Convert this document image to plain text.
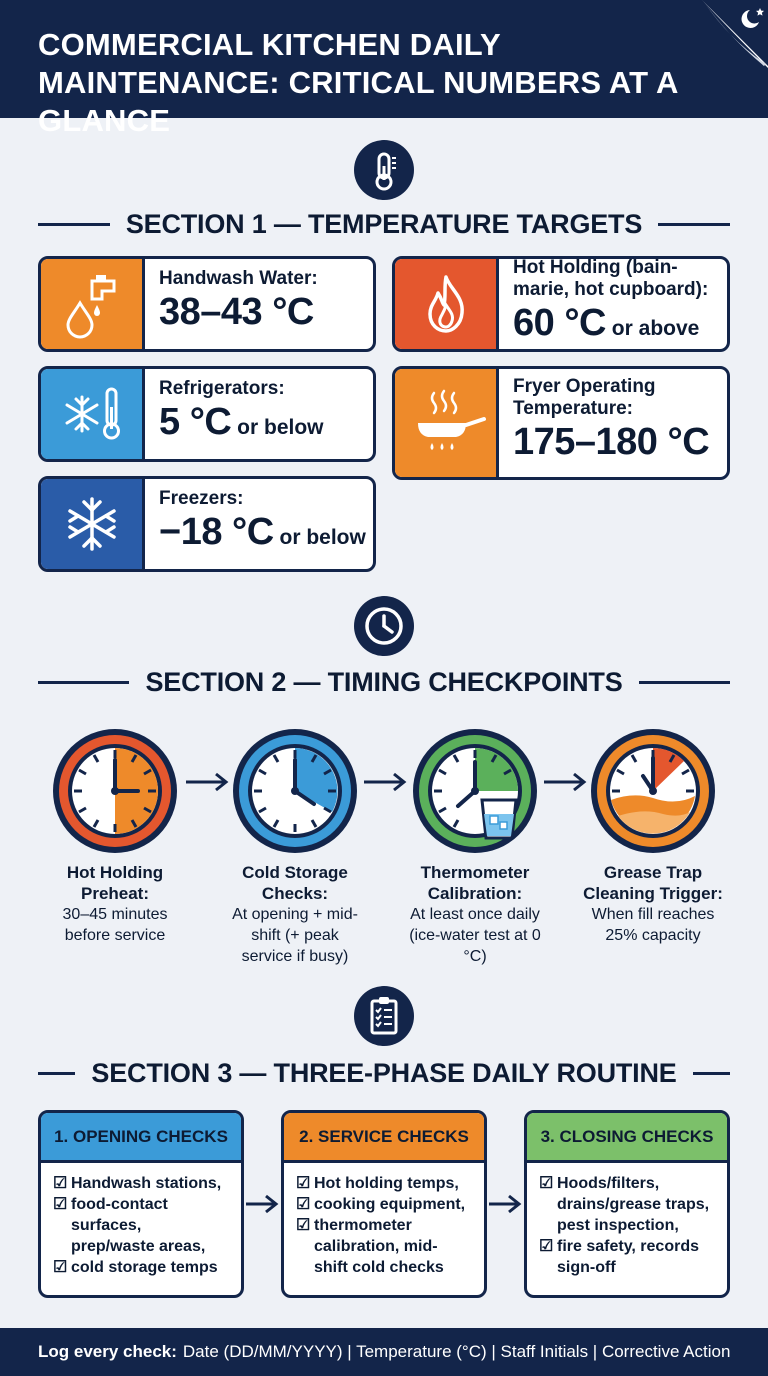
COMMERCIAL KITCHEN DAILY MAINTENANCE: CRITICAL NUMBERS AT A GLANCE
SECTION 1 — TEMPERATURE TARGETS
Handwash Water:
38–43 °C
Refrigerators:
5 °C or below
Freezers:
−18 °C or below
Hot Holding (bain-marie, hot cupboard):
60 °C or above
Fryer Operating Temperature:
175–180 °C
SECTION 2 — TIMING CHECKPOINTS
Hot Holding Preheat:
30–45 minutes before service
Cold Storage Checks:
At opening + mid-shift (+ peak service if busy)
Thermometer Calibration:
At least once daily (ice-water test at 0 °C)
Grease Trap Cleaning Trigger:
When fill reaches 25% capacity
SECTION 3 — THREE-PHASE DAILY ROUTINE
1. OPENING CHECKS
☑ Handwash stations,
☑ food-contact
surfaces,
prep/waste areas,
☑ cold storage temps
2. SERVICE CHECKS
☑ Hot holding temps,
☑ cooking equipment,
☑ thermometer
calibration, mid-
shift cold checks
3. CLOSING CHECKS
☑ Hoods/filters,
drains/grease traps,
pest inspection,
☑ fire safety, records
sign-off
Log every check: Date (DD/MM/YYYY) | Temperature (°C) | Staff Initials | Corrective Action
